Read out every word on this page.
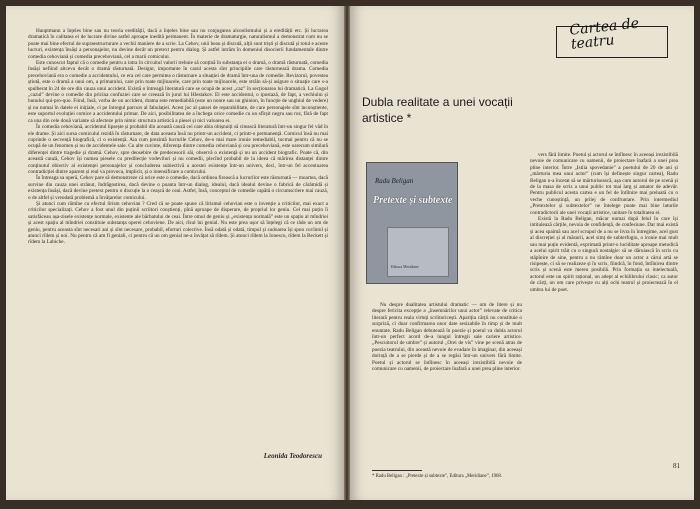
Hauptmann a înțeles bine sau nu teoria eredității, dacă a înțeles bine sau nu conjugarea alcoolismului și a eredității etc. Și lucrarea dramatică în calitatea ei de lucrare divine astfel aproape inedită permanent. În materie de dramaturgie, naturalismul a demonstrat cum nu se poate mai bine efectul de supraestructurare a vechii maniere de a scrie. La Cehov, unii beau și discută, alții sunt triști și discută și totul e aceste lucruri, existența însăși a personajelor, nu devine decât un pretext pentru dialog. Și astfel intrăm în domeniul disocierii fundamentale dintre comedia cehoviană și comedia precehoviană, cel a marii comicului.

Este cunoscut faptul că o comedie pentru a intra în circuitul valorii trebuie să conțină în substanța ei o dramă, o dramă răsturnată, comedia însăși nefiind altceva decât o dramă răsturnată. Desigur, importante în cazul acesta sînt principiile care răsturnează drama. Comedia precehoviană era o comedie a accidentului, ce era cel care permitea o răsturnare a situației de dramă într-una de comedie. Revizorul, povestea știută, este o dramă a unui om, a primarului, care prin toate mijloacele, care prin toate mijloacele, este străin să-și asigure o situație care s-a spulberat în 24 de ore din cauza unui accident. Există o întreagă literatură care se ocupă de acest „caz” în secționarea lui dramatică. La Gogol „cazul” devine o comedie din pricina confuziei care se creează în jurul lui Hlestakov. El este accidentul, o ipostază, de fapt, a vechiului și bunului qui-pro-quo. Fiind, însă, vorba de un accident, drama este remediabilă (este un nonre sau un ghinion, în funcție de unghiul de vedere) și nu numai în datele ei inițiale, ci pe întregul parcurs al fabulației. Acest joc al șansei de reparabilitate, de care personajele sînt inconștiente, este suportul evoluției comice a accidentului primar. De aici, posibilitatea de a închega orice comedie cu un sfîrșit negru sau roz, fără de fapt ca una din cele două variante să afecteze prin nimic structura artistică a piesei și nici valoarea ei.

În comedia cehoviană, accidentul lipsește și probabil din această cauză cei care abia obișnuiți să citească literatură într-un singur fel văd în ele drame. Și aici sursa comicului rezidă în răsturnare, de data aceasta însă nu printr-un accident, ci printr-o permanență. Comicul însă nu mai cuprinde o secvență biografică, ci o existență. Aia cum prezintă lucrurile Cehov, de-o mai mare ironie remediabil, tocmai pentru că nu se ocupă de un fenomen și nu de accidentele sale. Cu alte cuvinte, diferența dintre comedia cehoviană și cea precehoviană, este oarecum similară diferenței dintre tragedie și dramă. Cehov, spre deosebire de predecesorii săi, observă o existență și nu un accident biografic. Poate că, din această cauză, Cehov își numea piesele cu predilecție vodeviluri și nu comedii, plecînd probabil de la ideea că mărirea distanței dintre conținutul obiectiv al existenței personajelor și concluderea subiectivă a acestei existențe într-un univers, deci, într-un fel accentuarea contradicției dintre aparent și real va provoca, implicit, și o intensificare a comicului.

În întreaga sa operă, Cehov pare să demonstreze că orice este o comedie, dacă ordinea firească a lucrurilor este răsturnată — moartea, dacă survine din cauza unei strănut, îndrăgostirea, dacă devine o poanta într-un dialog, idealul, dacă idealul devine o fabrică de cărămidă și existența însăși, dacă devine pretext pentru o discuție la o ceașcă de ceai. Astfel, însă, conceptul de comedie capătă o circumscriere mai cauză, o de altfel și vreodată problemă a învățarelor comicului.

Și atunci cum rămîne cu efectul lirism cehovian ? Cred că se poate spune că lirismul cehovian este o invenție a criticilor, mai exact a criticilor specializați. Cehov a fost unul din puținii scriitori conștienți, pînă aproape de disperare, de propriul lor geniu. Cel mai puțin îi satisfăceau așa-zisele existențe normale, existente ale bărbatului de ceai. Între omul de geniu și „existența normală” este un spațiu al mîndriei și acest spațiu al mîndriei constituie substanța operei cehoviene. De aici, rîsul lui genial. Nu este prea ușor să înțelegi că ce râde un om de geniu, pentru aceasta sînt necesari ani și sînt necesare, probabil, eforturi colective. Însă odată și odată, timpul și sudoarea își spun cuvîntul și atunci rîdem și noi. Nu pentru că am fi geniali, ci pentru că un om genial ne-a învățat să rîdem. Și atunci rîdem la Ionescu, rîdem la Beckett și rîdem la Labiche.

Leonida Teodorescu
Cartea de teatru
Dubla realitate a unei vocații artistice *
Radu Beligan
Pretexte și subtexte
Editura Meridiane

Nu despre dualitatea artistului dramatic — om de litere și nu despre fericita excepție a „însemnărilor unui actor” relevate de critica literară pentru reala virtuți scriitoricești. Apariția cărții nu constituie o surpriză, ci doar confirmarea unor date sesizabile în timp și de mult enuntate. Radu Beligan debutează în poezie și poetul va dubla actorul într-un perfect acord de-a lungul întregii sale cariere artistice. „Pescuitorul de umbre” și autorul „Orei de vis” vine pe scenă atras de poezia teatrului, din această nevoie de evadare în imaginar, din aceeași dorință de a se pierde și de a se regăsi într-un univers fără limite. Poetul și actorul se întîlnesc în aceeași irezistibilă nevoie de comunicare cu oamenii, de proiectare înafară a unei prea pline interior.

vers fără limite. Poetul și actorul se întîlnesc în aceeași irezistibilă nevoie de comunicare cu oamenii, de proiectare înafară a unei prea pline interior. Între „Istiia spovedanie” a poetului de 20 de ani și „mărturia mea unui actor” (cum își definește singur cartea), Radu Beligan n-a încetat să se mărturisească, așa cum autorul de pe scenă și de la masa de scris a unui public tot mai larg și amator de adevăr. Pentru publicul acesta cartea e un fel de întîlnire mai preluată cu o veche cunoștință, un prilej de confruntare. Prin intermediul „Pretextelor și subtextelor” ne întelege poate mai bine laturile contradictorii ale unei vocații artistice, unitare în totalitatea ei.

Există la Radu Beligan, măcar numai după felul în care își intitulează cărțile, nevoia de confidență, de confesiune. Dar mai există și acea spaimă sau acel scrupul de a nu se livra în întregime, acel gust al discreției și al măsurii, acel simț de subterfugiu, o ironie mai mult sau mai puțin evidentă, exprimată printr-o luciditate aproape metodică a acelui spirit trăit cu o singură nostalgie: să se dăruiască în scris cu stăpînire de sine, pentru a nu rămîne doar un actor a cărui artă se risipește, ci să se realizeze și în scris, fiindcă, în fond, întîlnirea dintre scris și scenă este mereu posibilă. Prin formația sa intelectuală, actorul este un spirit rațional, un adept al echilibrului clasic; ca autor de cărți, un om care privește cu alți ochi teatrul și proiectează în el umbra lui de poet.

* Radu Beligan : „Pretexte și subtexte”, Editura „Meridiane”, 1968.
81
